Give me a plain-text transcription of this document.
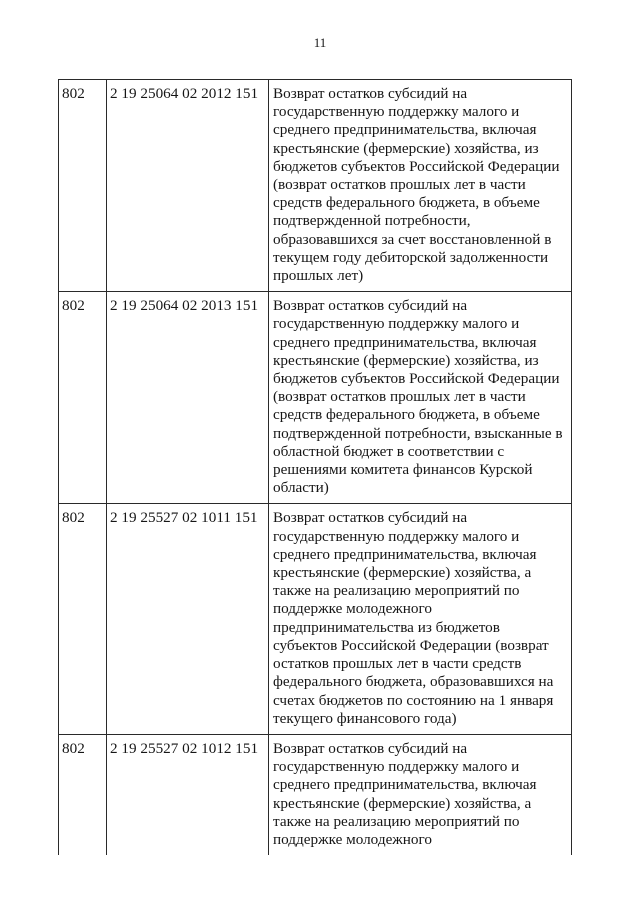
11
802	2 19 25064 02 2012 151	Возврат остатков субсидий на государственную поддержку малого и среднего предпринимательства, включая крестьянские (фермерские) хозяйства, из бюджетов субъектов Российской Федерации (возврат остатков прошлых лет в части средств федерального бюджета, в объеме подтвержденной потребности, образовавшихся за счет восстановленной в текущем году дебиторской задолженности прошлых лет)
802	2 19 25064 02 2013 151	Возврат остатков субсидий на государственную поддержку малого и среднего предпринимательства, включая крестьянские (фермерские) хозяйства, из бюджетов субъектов Российской Федерации (возврат остатков прошлых лет в части средств федерального бюджета, в объеме подтвержденной потребности, взысканные в областной бюджет в соответствии с решениями комитета финансов Курской области)
802	2 19 25527 02 1011 151	Возврат остатков субсидий на государственную поддержку малого и среднего предпринимательства, включая крестьянские (фермерские) хозяйства, а также на реализацию мероприятий по поддержке молодежного предпринимательства из бюджетов субъектов Российской Федерации (возврат остатков прошлых лет в части средств федерального бюджета, образовавшихся на счетах бюджетов по состоянию на 1 января текущего финансового года)
802	2 19 25527 02 1012 151	Возврат остатков субсидий на государственную поддержку малого и среднего предпринимательства, включая крестьянские (фермерские) хозяйства, а также на реализацию мероприятий по поддержке молодежного
